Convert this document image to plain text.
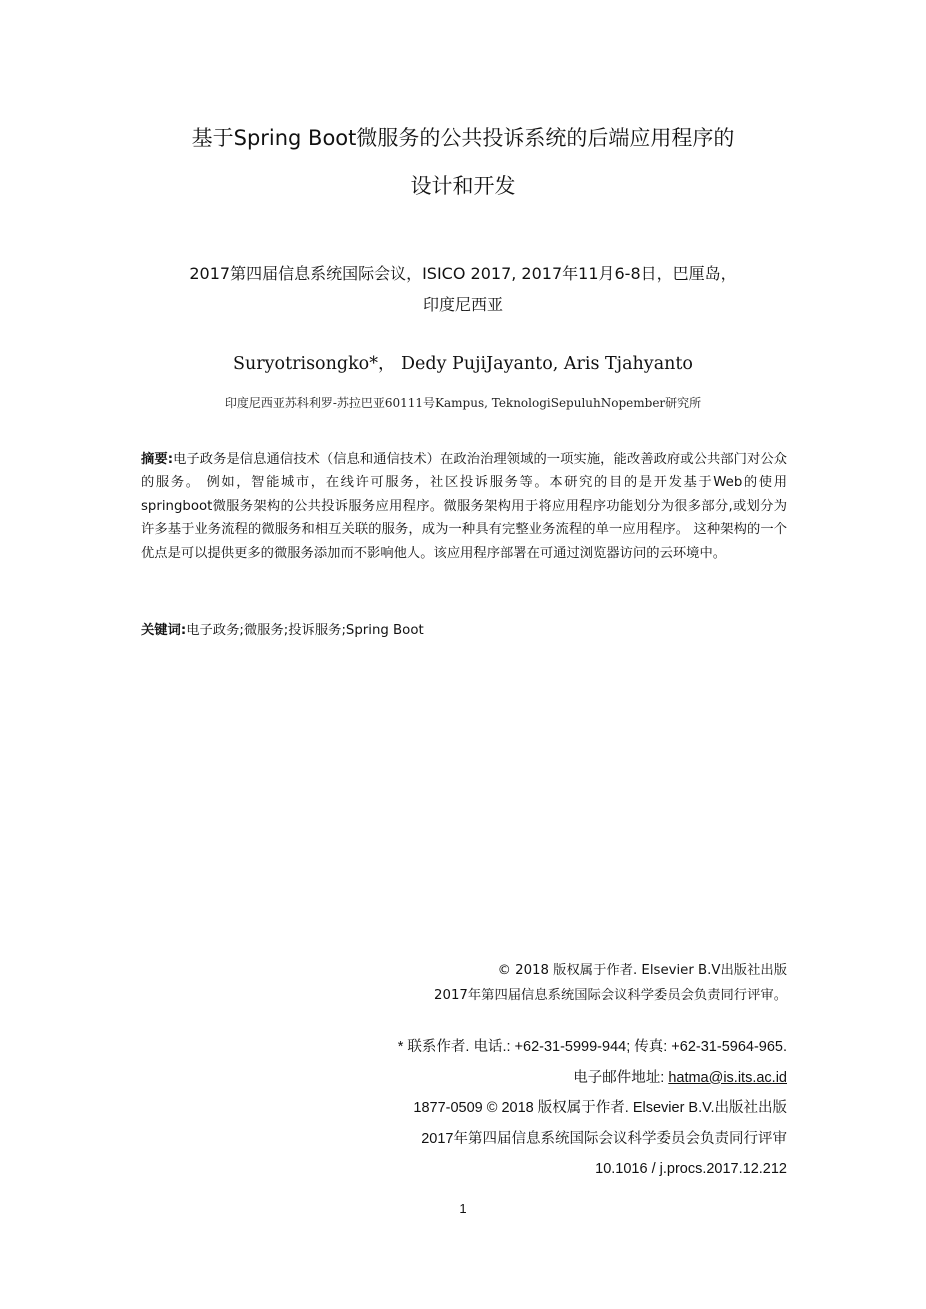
基于Spring Boot微服务的公共投诉系统的后端应用程序的
设计和开发
2017第四届信息系统国际会议，ISICO 2017, 2017年11月6-8日，巴厘岛，
印度尼西亚
Suryotrisongko*， Dedy PujiJayanto, Aris Tjahyanto
印度尼西亚苏科利罗-苏拉巴亚60111号Kampus, TeknologiSepuluhNopember研究所
摘要:电子政务是信息通信技术（信息和通信技术）在政治治理领域的一项实施，能改善政府或公共部门对公众的服务。 例如，智能城市，在线许可服务，社区投诉服务等。本研究的目的是开发基于Web的使用springboot微服务架构的公共投诉服务应用程序。微服务架构用于将应用程序功能划分为很多部分,或划分为许多基于业务流程的微服务和相互关联的服务，成为一种具有完整业务流程的单一应用程序。 这种架构的一个优点是可以提供更多的微服务添加而不影响他人。该应用程序部署在可通过浏览器访问的云环境中。
关键词:电子政务;微服务;投诉服务;Spring Boot
© 2018 版权属于作者. Elsevier B.V出版社出版
2017年第四届信息系统国际会议科学委员会负责同行评审。
* 联系作者. 电话.: +62-31-5999-944; 传真: +62-31-5964-965.
电子邮件地址: hatma@is.its.ac.id
1877-0509 © 2018 版权属于作者. Elsevier B.V.出版社出版
2017年第四届信息系统国际会议科学委员会负责同行评审
10.1016 / j.procs.2017.12.212
1
